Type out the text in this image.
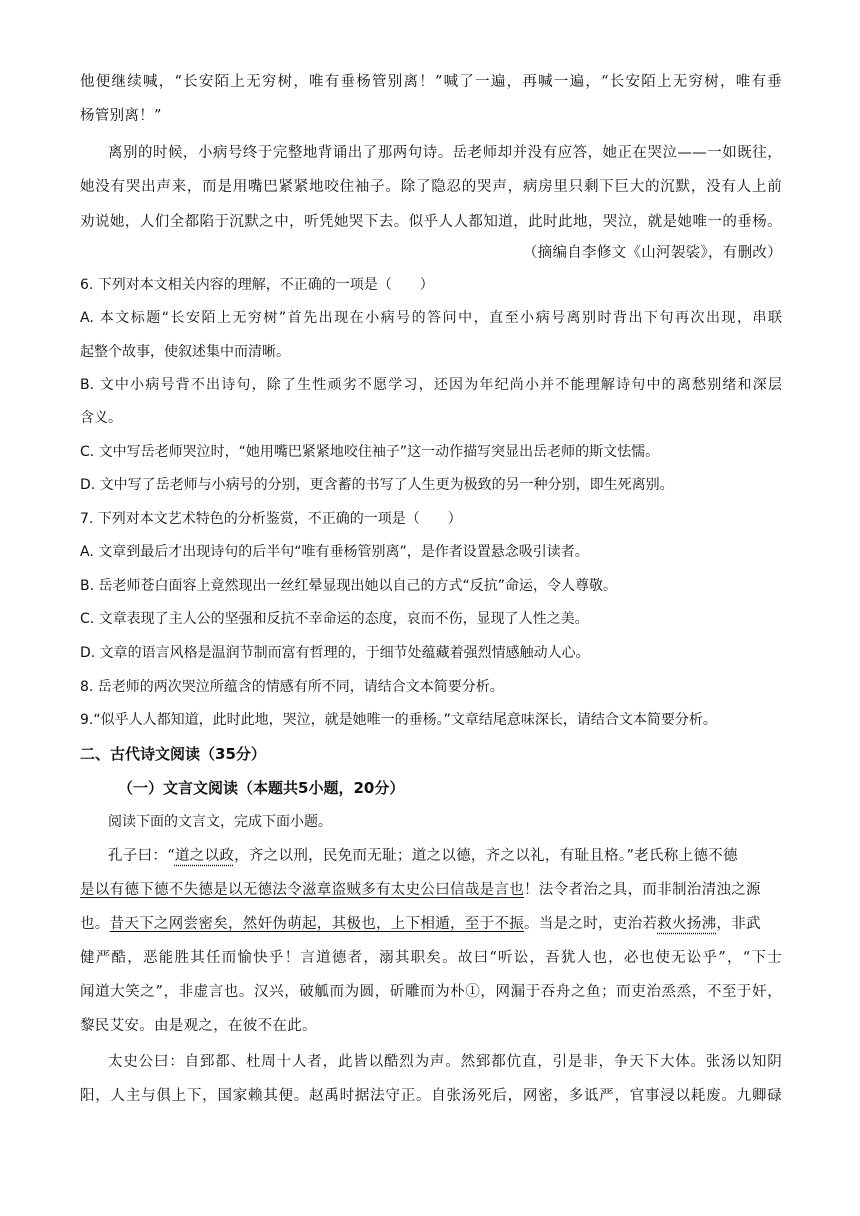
他便继续喊，“长安陌上无穷树，唯有垂杨管别离！”喊了一遍，再喊一遍，“长安陌上无穷树，唯有垂
杨管别离！”
离别的时候，小病号终于完整地背诵出了那两句诗。岳老师却并没有应答，她正在哭泣——一如既往，
她没有哭出声来，而是用嘴巴紧紧地咬住袖子。除了隐忍的哭声，病房里只剩下巨大的沉默，没有人上前
劝说她，人们全都陷于沉默之中，听凭她哭下去。似乎人人都知道，此时此地，哭泣，就是她唯一的垂杨。
（摘编自李修文《山河袈裟》，有删改）
6. 下列对本文相关内容的理解，不正确的一项是（　　）
A. 本文标题“长安陌上无穷树”首先出现在小病号的答问中，直至小病号离别时背出下句再次出现，串联
起整个故事，使叙述集中而清晰。
B. 文中小病号背不出诗句，除了生性顽劣不愿学习，还因为年纪尚小并不能理解诗句中的离愁别绪和深层
含义。
C. 文中写岳老师哭泣时，“她用嘴巴紧紧地咬住袖子”这一动作描写突显出岳老师的斯文怯懦。
D. 文中写了岳老师与小病号的分别，更含蓄的书写了人生更为极致的另一种分别，即生死离别。
7. 下列对本文艺术特色的分析鉴赏，不正确的一项是（　　）
A. 文章到最后才出现诗句的后半句“唯有垂杨管别离”，是作者设置悬念吸引读者。
B. 岳老师苍白面容上竟然现出一丝红晕显现出她以自己的方式“反抗”命运，令人尊敬。
C. 文章表现了主人公的坚强和反抗不幸命运的态度，哀而不伤，显现了人性之美。
D. 文章的语言风格是温润节制而富有哲理的，于细节处蕴藏着强烈情感触动人心。
8. 岳老师的两次哭泣所蕴含的情感有所不同，请结合文本简要分析。
9.“似乎人人都知道，此时此地，哭泣，就是她唯一的垂杨。”文章结尾意味深长，请结合文本简要分析。
二、古代诗文阅读（35分）
（一）文言文阅读（本题共5小题，20分）
阅读下面的文言文，完成下面小题。
孔子曰：“道之以政，齐之以刑，民免而无耻；道之以德，齐之以礼，有耻且格。”老氏称上德不德
是以有德下德不失德是以无德法令滋章盗贼多有太史公曰信哉是言也！法令者治之具，而非制治清浊之源
也。昔天下之网尝密矣，然奸伪萌起，其极也，上下相遁，至于不振。当是之时，吏治若救火扬沸，非武
健严酷，恶能胜其任而愉快乎！言道德者，溺其职矣。故曰“听讼，吾犹人也，必也使无讼乎”，“下士
闻道大笑之”，非虚言也。汉兴，破觚而为圆，斫雕而为朴①，网漏于吞舟之鱼；而吏治烝烝，不至于奸，
黎民艾安。由是观之，在彼不在此。
太史公曰：自郅都、杜周十人者，此皆以酷烈为声。然郅都伉直，引是非，争天下大体。张汤以知阴
阳，人主与俱上下，国家赖其便。赵禹时据法守正。自张汤死后，网密，多诋严，官事浸以耗废。九卿碌
